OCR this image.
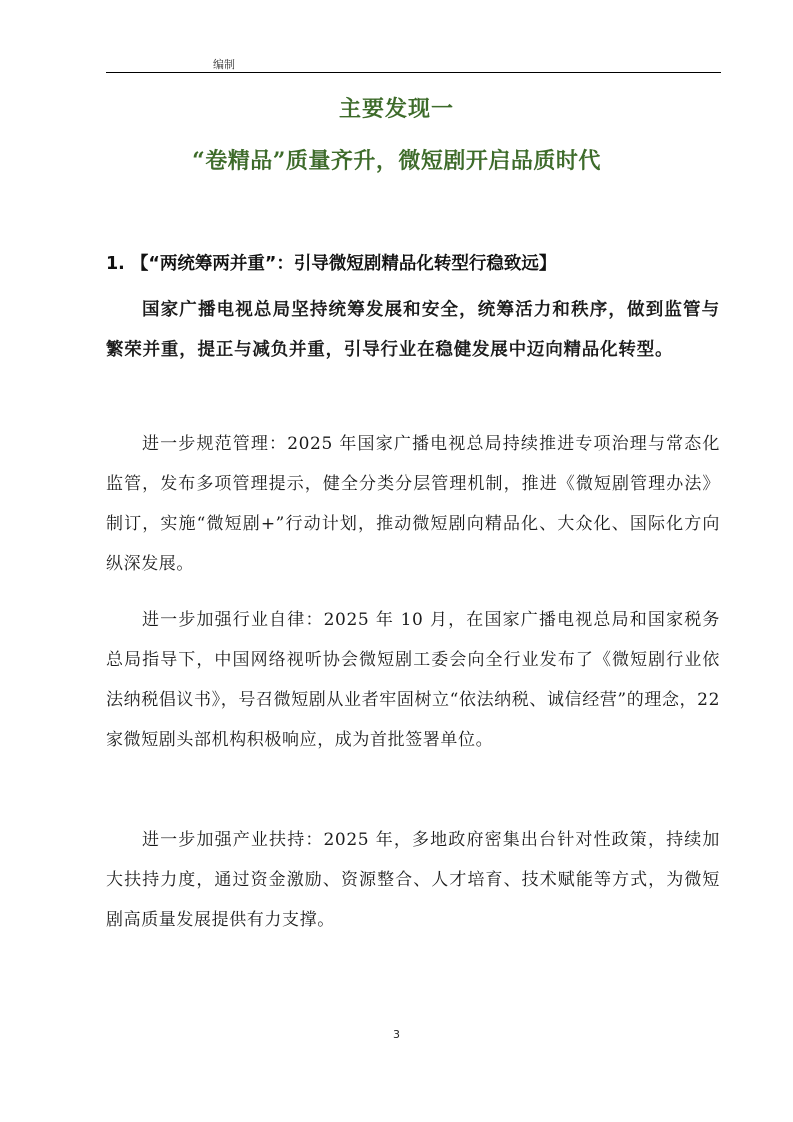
编制
主要发现一
“卷精品”质量齐升，微短剧开启品质时代
1. 【“两统筹两并重”：引导微短剧精品化转型行稳致远】

国家广播电视总局坚持统筹发展和安全，统筹活力和秩序，做到监管与繁荣并重，提正与减负并重，引导行业在稳健发展中迈向精品化转型。

进一步规范管理：2025 年国家广播电视总局持续推进专项治理与常态化监管，发布多项管理提示，健全分类分层管理机制，推进《微短剧管理办法》制订，实施“微短剧+”行动计划，推动微短剧向精品化、大众化、国际化方向纵深发展。

进一步加强行业自律：2025 年 10 月，在国家广播电视总局和国家税务总局指导下，中国网络视听协会微短剧工委会向全行业发布了《微短剧行业依法纳税倡议书》，号召微短剧从业者牢固树立“依法纳税、诚信经营”的理念，22 家微短剧头部机构积极响应，成为首批签署单位。

进一步加强产业扶持：2025 年，多地政府密集出台针对性政策，持续加大扶持力度，通过资金激励、资源整合、人才培育、技术赋能等方式，为微短剧高质量发展提供有力支撑。

3
